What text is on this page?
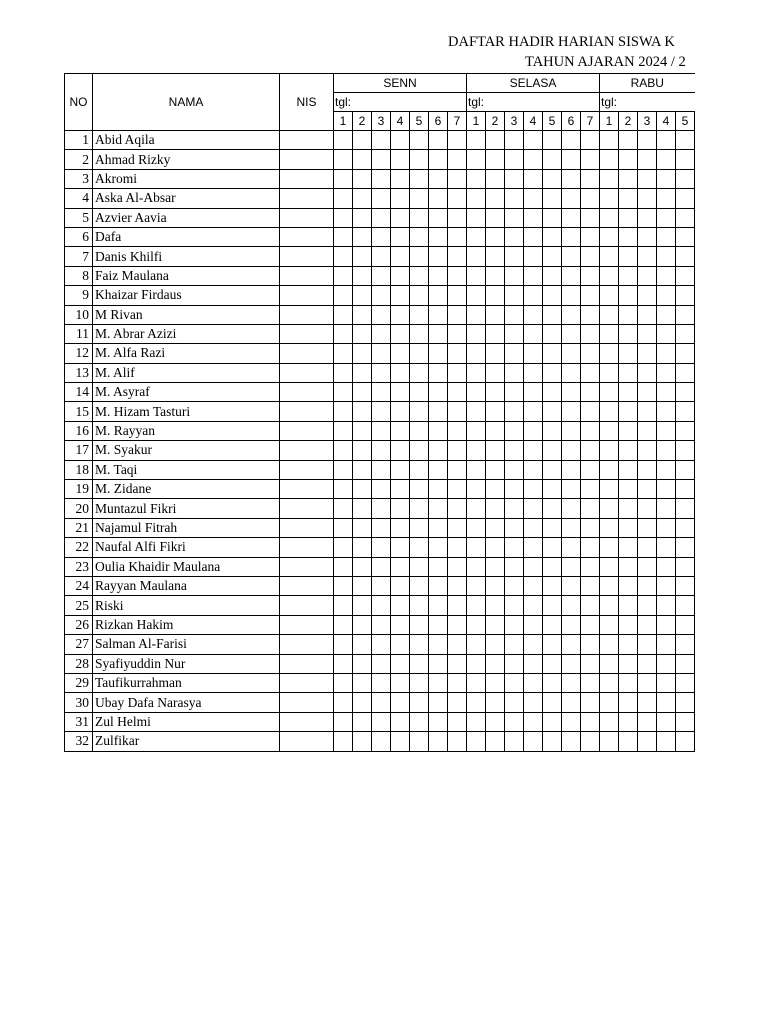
DAFTAR HADIR HARIAN SISWA K
TAHUN AJARAN 2024 / 2
NO	NAMA	NIS	SENN							SELASA							RABU				
			tgl:							tgl:							tgl:				
			1	2	3	4	5	6	7	1	2	3	4	5	6	7	1	2	3	4	5
1	Abid Aqila																				
2	Ahmad Rizky																				
3	Akromi																				
4	Aska Al-Absar																				
5	Azvier Aavia																				
6	Dafa																				
7	Danis Khilfi																				
8	Faiz Maulana																				
9	Khaizar Firdaus																				
10	M Rivan																				
11	M. Abrar Azizi																				
12	M. Alfa Razi																				
13	M. Alif																				
14	M. Asyraf																				
15	M. Hizam Tasturi																				
16	M. Rayyan																				
17	M. Syakur																				
18	M. Taqi																				
19	M. Zidane																				
20	Muntazul Fikri																				
21	Najamul Fitrah																				
22	Naufal Alfi Fikri																				
23	Oulia Khaidir Maulana																				
24	Rayyan Maulana																				
25	Riski																				
26	Rizkan Hakim																				
27	Salman Al-Farisi																				
28	Syafiyuddin Nur																				
29	Taufikurrahman																				
30	Ubay Dafa Narasya																				
31	Zul Helmi																				
32	Zulfikar																				
